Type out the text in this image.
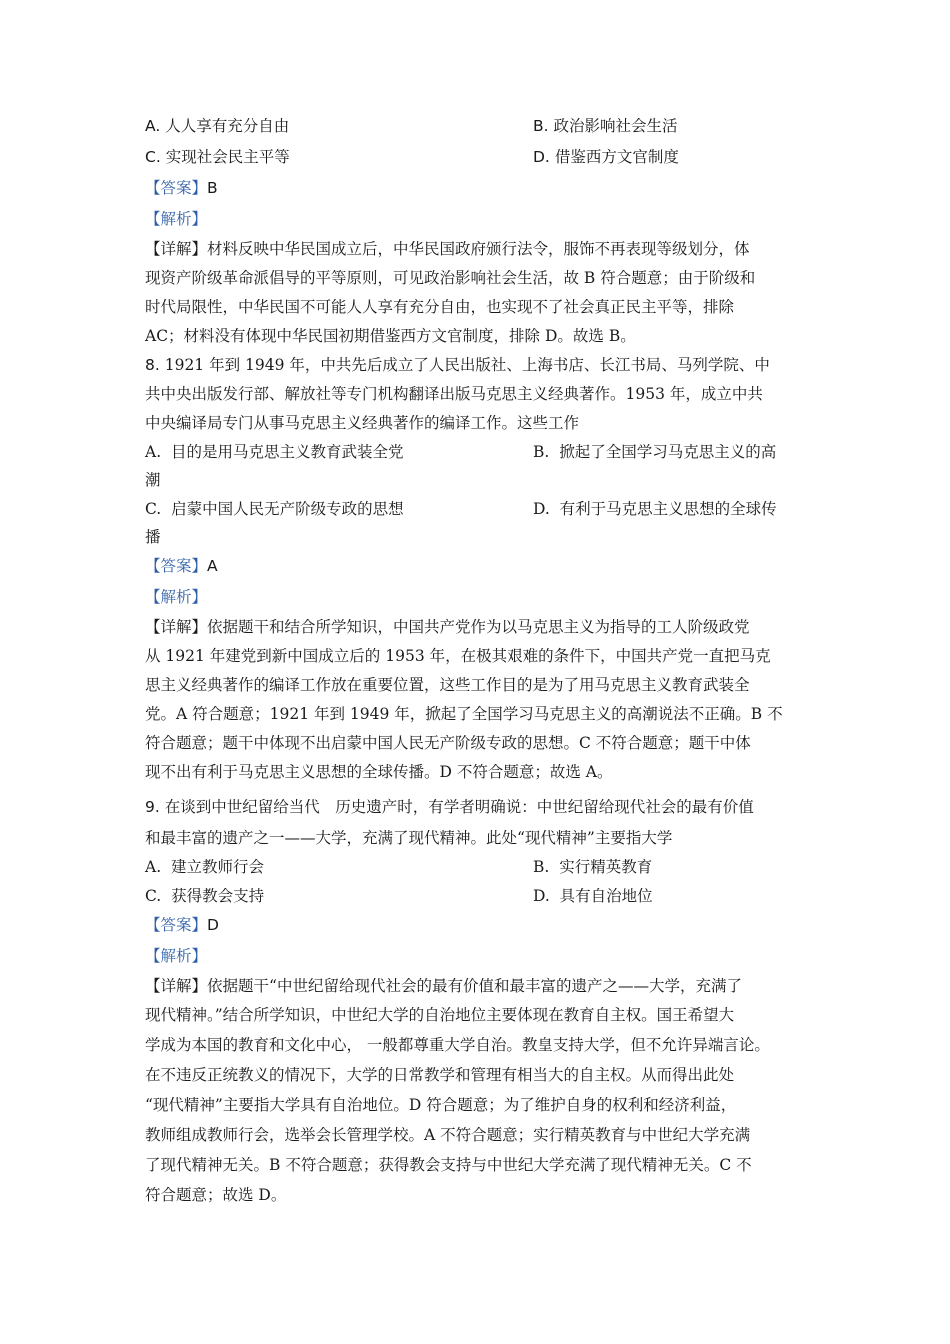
A. 人人享有充分自由	B. 政治影响社会生活
C. 实现社会民主平等	D. 借鉴西方文官制度
【答案】B
【解析】
【详解】材料反映中华民国成立后，中华民国政府颁行法令，服饰不再表现等级划分，体
现资产阶级革命派倡导的平等原则，可见政治影响社会生活，故 B 符合题意；由于阶级和
时代局限性，中华民国不可能人人享有充分自由，也实现不了社会真正民主平等，排除
AC；材料没有体现中华民国初期借鉴西方文官制度，排除 D。故选 B。
8. 1921 年到 1949 年，中共先后成立了人民出版社、上海书店、长江书局、马列学院、中
共中央出版发行部、解放社等专门机构翻译出版马克思主义经典著作。1953 年，成立中共
中央编译局专门从事马克思主义经典著作的编译工作。这些工作
A. 目的是用马克思主义教育武装全党	B. 掀起了全国学习马克思主义的高
潮
C. 启蒙中国人民无产阶级专政的思想	D. 有利于马克思主义思想的全球传
播
【答案】A
【解析】
【详解】依据题干和结合所学知识，中国共产党作为以马克思主义为指导的工人阶级政党
从 1921 年建党到新中国成立后的 1953 年，在极其艰难的条件下，中国共产党一直把马克
思主义经典著作的编译工作放在重要位置，这些工作目的是为了用马克思主义教育武装全
党。A 符合题意；1921 年到 1949 年，掀起了全国学习马克思主义的高潮说法不正确。B 不
符合题意；题干中体现不出启蒙中国人民无产阶级专政的思想。C 不符合题意；题干中体
现不出有利于马克思主义思想的全球传播。D 不符合题意；故选 A。
9. 在谈到中世纪留给当代　历史遗产时，有学者明确说：中世纪留给现代社会的最有价值
和最丰富的遗产之一——大学，充满了现代精神。此处“现代精神”主要指大学
A. 建立教师行会	B. 实行精英教育
C. 获得教会支持	D. 具有自治地位
【答案】D
【解析】
【详解】依据题干“中世纪留给现代社会的最有价值和最丰富的遗产之——大学，充满了
现代精神。”结合所学知识，中世纪大学的自治地位主要体现在教育自主权。国王希望大
学成为本国的教育和文化中心， 一般都尊重大学自治。教皇支持大学，但不允许异端言论。
在不违反正统教义的情况下，大学的日常教学和管理有相当大的自主权。从而得出此处
“现代精神”主要指大学具有自治地位。D 符合题意；为了维护自身的权利和经济利益，
教师组成教师行会，选举会长管理学校。A 不符合题意；实行精英教育与中世纪大学充满
了现代精神无关。B 不符合题意；获得教会支持与中世纪大学充满了现代精神无关。C 不
符合题意；故选 D。
